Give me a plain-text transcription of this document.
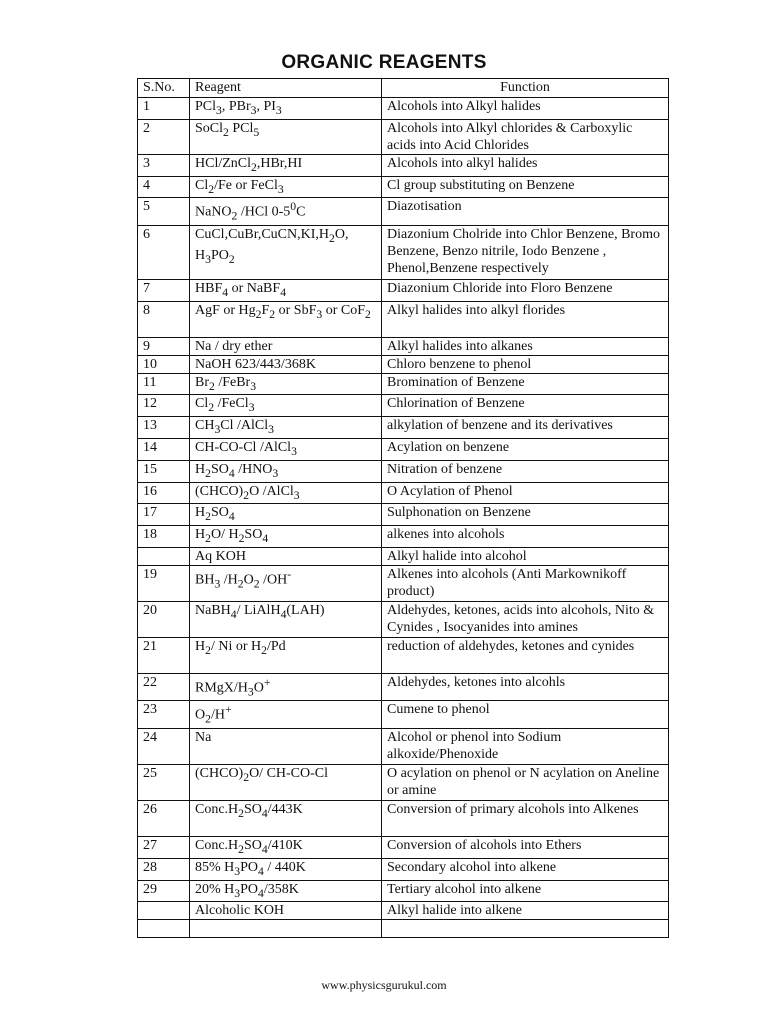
ORGANIC REAGENTS
S.No.	Reagent	Function
1	PCl$_3$, PBr$_3$, $PI_3$	Alcohols into Alkyl halides
2	SoCl$_2$ PCl$_5$	Alcohols into Alkyl chlorides & Carboxylic acids into Acid Chlorides
3	HCl/ZnCl$_2$,HBr,HI	Alcohols into alkyl halides
4	$Cl_2/Fe$ or FeCl$_3$	Cl group substituting on Benzene
5	NaNO$_2$ /HCl $0-5^0C$	Diazotisation
6	$CuCl,CuBr,CuCN,KI,H_2O$, $H_3PO_2$	Diazonium Cholride into Chlor Benzene, Bromo Benzene, Benzo nitrile, Iodo Benzene , Phenol,Benzene respectively
7	$HBF_4$ or NaBF$_4$	Diazonium Chloride into Floro Benzene
8	AgF or $Hg_2F_2$ or SbF$_3$ or CoF$_2$	Alkyl halides into alkyl florides
9	Na / dry ether	Alkyl halides into alkanes
10	NaOH 623/443/368K	Chloro benzene to phenol
11	$Br_2$ /FeBr$_3$	Bromination of Benzene
12	$Cl_2$ /FeCl$_3$	Chlorination of Benzene
13	$CH_3Cl$ /AlCl$_3$	alkylation of benzene and its derivatives
14	CH-CO-Cl /AlCl$_3$	Acylation on benzene
15	$H_2SO_4$ $/HNO_3$	Nitration of benzene
16	$(CHCO)_2O$ /AlCl$_3$	O Acylation of Phenol
17	$H_2SO_4$	Sulphonation on Benzene
18	$H_2O/$ $H_2SO_4$	alkenes into alcohols
	Aq KOH	Alkyl halide into alcohol
19	$BH_3$ $/H_2O_2$ /OH-	Alkenes into alcohols (Anti Markownikoff product)
20	NaBH$_4$/ LiAlH$_4$(LAH)	Aldehydes, ketones, acids into alcohols, Nito & Cynides , Isocyanides into amines
21	$H_2/$ Ni or $H_2/Pd$	reduction of aldehydes, ketones and cynides
22	RMgX/$H_3O^+$	Aldehydes, ketones into alcohls
23	$O_2/H^+$	Cumene to phenol
24	Na	Alcohol or phenol into Sodium alkoxide/Phenoxide
25	$(CHCO)_2O/$ CH-CO-Cl	O acylation on phenol or N acylation on Aneline or amine
26	$Conc.H_2SO_4/443K$	Conversion of primary alcohols into Alkenes
27	$Conc.H_2SO_4/410K$	Conversion of alcohols into Ethers
28	85% $H_3PO_4 / 440K$	Secondary alcohol into alkene
29	20% $H_3PO_4/358K$	Tertiary alcohol into alkene
	Alcoholic KOH	Alkyl halide into alkene

www.physicsgurukul.com
